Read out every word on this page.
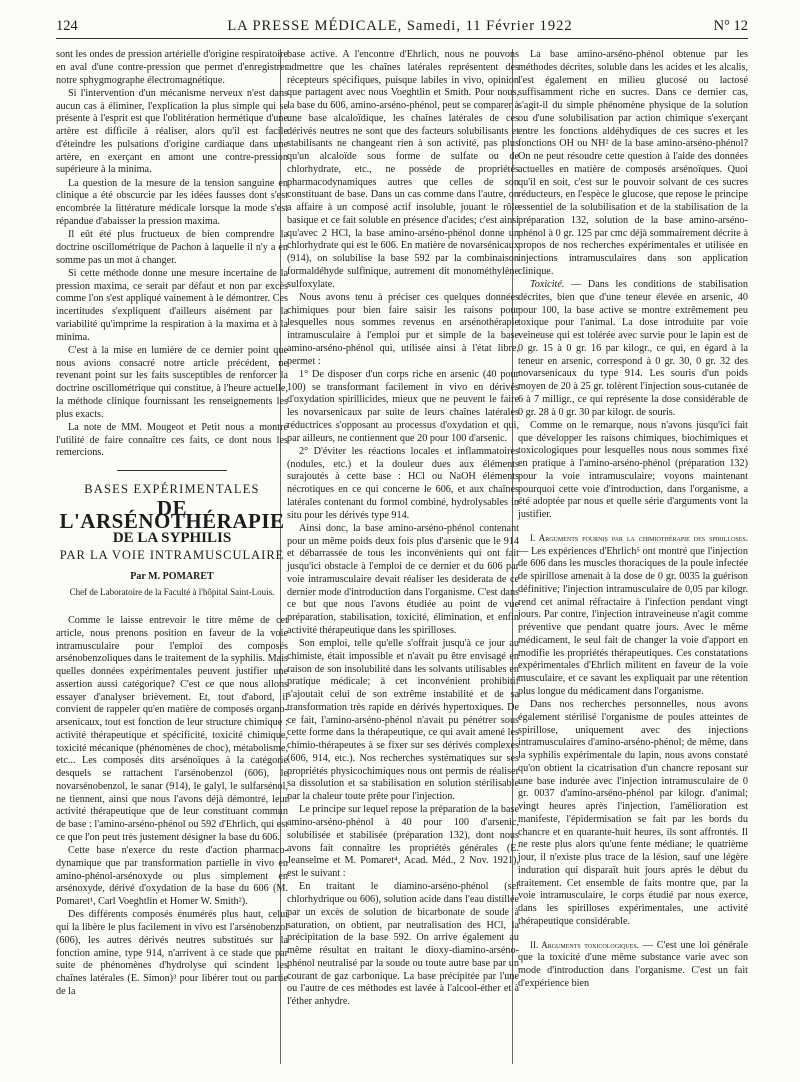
124	LA PRESSE MÉDICALE, Samedi, 11 Février 1922	N° 12

sont les ondes de pression artérielle d'origine respiratoire en aval d'une contre-pression que permet d'enregistrer notre sphygmographe électromagnétique.

Si l'intervention d'un mécanisme nerveux n'est dans aucun cas à éliminer, l'explication la plus simple qui se présente à l'esprit est que l'oblitération hermétique d'une artère est difficile à réaliser, alors qu'il est facile d'éteindre les pulsations d'origine cardiaque dans une artère, en exerçant en amont une contre-pression supérieure à la minima.

La question de la mesure de la tension sanguine en clinique a été obscurcie par les idées fausses dont s'est encombrée la littérature médicale lorsque la mode s'est répandue d'abaisser la pression maxima.

Il eût été plus fructueux de bien comprendre la doctrine oscillométrique de Pachon à laquelle il n'y a en somme pas un mot à changer.

Si cette méthode donne une mesure incertaine de la pression maxima, ce serait par défaut et non par excès comme l'on s'est appliqué vainement à le démontrer. Ces incertitudes s'expliquent d'ailleurs aisément par la variabilité qu'imprime la respiration à la maxima et à la minima.

C'est à la mise en lumière de ce dernier point que nous avions consacré notre article précédent, ne revenant point sur les faits susceptibles de renforcer la doctrine oscillométrique qui constitue, à l'heure actuelle, la méthode clinique fournissant les renseignements les plus exacts.

La note de MM. Mougeot et Petit nous a montré l'utilité de faire connaître ces faits, ce dont nous les remercions.

BASES EXPÉRIMENTALES
DE L'ARSÉNOTHÉRAPIE
DE LA SYPHILIS
PAR LA VOIE INTRAMUSCULAIRE
Par M. POMARET
Chef de Laboratoire de la Faculté à l'hôpital Saint-Louis.

Comme le laisse entrevoir le titre même de cet article, nous prenons position en faveur de la voie intramusculaire pour l'emploi des composés arsénobenzoliques dans le traitement de la syphilis. Mais quelles données expérimentales peuvent justifier une assertion aussi catégorique? C'est ce que nous allons essayer d'analyser brièvement. Et, tout d'abord, il convient de rappeler qu'en matière de composés organo-arsenicaux, tout est fonction de leur structure chimique : activité thérapeutique et spécificité, toxicité chimique, toxicité mécanique (phénomènes de choc), métabolisme, etc... Les composés dits arsénoïques à la catégorie desquels se rattachent l'arsénobenzol (606), le novarsénobenzol, le sanar (914), le galyl, le sulfarsénol, ne tiennent, ainsi que nous l'avons déjà démontré, leur activité thérapeutique que de leur constituant commun de base : l'amino-arséno-phénol ou 592 d'Ehrlich, qui est ce que l'on peut très justement désigner la base du 606.

Cette base n'exerce du reste d'action pharmaco-dynamique que par transformation partielle in vivo en amino-phénol-arsénoxyde ou plus simplement en arsénoxyde, dérivé d'oxydation de la base du 606 (M. Pomaret¹, Carl Voeghtlin et Homer W. Smith²).

Des différents composés énumérés plus haut, celui qui la libère le plus facilement in vivo est l'arsénobenzol (606), les autres dérivés neutres substitués sur la fonction amine, type 914, n'arrivent à ce stade que par suite de phénomènes d'hydrolyse qui scindent les chaînes latérales (E. Simon)³ pour libérer tout ou partie de la

base active. A l'encontre d'Ehrlich, nous ne pouvons admettre que les chaînes latérales représentent des récepteurs spécifiques, puisque labiles in vivo, opinion que partagent avec nous Voeghtlin et Smith. Pour nous, la base du 606, amino-arséno-phénol, peut se comparer à une base alcaloïdique, les chaînes latérales de ces dérivés neutres ne sont que des facteurs solubilisants et stabilisants ne changeant rien à son activité, pas plus qu'un alcaloïde sous forme de sulfate ou de chlorhydrate, etc., ne possède de propriétés pharmacodynamiques autres que celles de son constituant de base. Dans un cas comme dans l'autre, on a affaire à un composé actif insoluble, jouant le rôle basique et ce fait soluble en présence d'acides; c'est ainsi qu'avec 2 HCl, la base amino-arséno-phénol donne un chlorhydrate qui est le 606. En matière de novarsénicaux (914), on solubilise la base 592 par la combinaison formaldéhyde sulfinique, autrement dit monométhylène sulfoxylate.

Nous avons tenu à préciser ces quelques données chimiques pour bien faire saisir les raisons pour lesquelles nous sommes revenus en arsénothérapie intramusculaire à l'emploi pur et simple de la base amino-arséno-phénol qui, utilisée ainsi à l'état libre, permet :

1° De disposer d'un corps riche en arsenic (40 pour 100) se transformant facilement in vivo en dérivés d'oxydation spirillicides, mieux que ne peuvent le faire les novarsenicaux par suite de leurs chaînes latérales réductrices s'opposant au processus d'oxydation et qui, par ailleurs, ne contiennent que 20 pour 100 d'arsenic.

2° D'éviter les réactions locales et inflammatoires (nodules, etc.) et la douleur dues aux éléments surajoutés à cette base : HCl ou NaOH éléments nécrotiques en ce qui concerne le 606, et aux chaînes latérales contenant du formol combiné, hydrolysables in situ pour les dérivés type 914.

Ainsi donc, la base amino-arséno-phénol contenant pour un même poids deux fois plus d'arsenic que le 914 et débarrassée de tous les inconvénients qui ont fait jusqu'ici obstacle à l'emploi de ce dernier et du 606 par voie intramusculaire devait réaliser les desiderata de ce dernier mode d'introduction dans l'organisme. C'est dans ce but que nous l'avons étudiée au point de vue préparation, stabilisation, toxicité, élimination, et enfin activité thérapeutique dans les spirilloses.

Son emploi, telle qu'elle s'offrait jusqu'à ce jour au chimiste, était impossible et n'avait pu être envisagé en raison de son insolubilité dans les solvants utilisables en pratique médicale; à cet inconvénient prohibitif s'ajoutait celui de son extrême instabilité et de sa transformation très rapide en dérivés hypertoxiques. De ce fait, l'amino-arséno-phénol n'avait pu pénétrer sous cette forme dans la thérapeutique, ce qui avait amené les chimio-thérapeutes à se fixer sur ses dérivés complexes (606, 914, etc.). Nos recherches systématiques sur ses propriétés physicochimiques nous ont permis de réaliser sa dissolution et sa stabilisation en solution stérilisable par la chaleur toute prête pour l'injection.

Le principe sur lequel repose la préparation de la base amino-arséno-phénol à 40 pour 100 d'arsenic, solubilisée et stabilisée (préparation 132), dont nous avons fait connaître les propriétés générales (E. Jeanselme et M. Pomaret⁴, Acad. Méd., 2 Nov. 1921), est le suivant :

En traitant le diamino-arséno-phénol (sel chlorhydrique ou 606), solution acide dans l'eau distillée par un excès de solution de bicarbonate de soude à saturation, on obtient, par neutralisation des HCl, la précipitation de la base 592. On arrive également au même résultat en traitant le dioxy-diamino-arséno-phénol neutralisé par la soude ou toute autre base par un courant de gaz carbonique. La base précipitée par l'une ou l'autre de ces méthodes est lavée à l'alcool-éther et à l'éther anhydre.

La base amino-arséno-phénol obtenue par les méthodes décrites, soluble dans les acides et les alcalis, l'est également en milieu glucosé ou lactosé suffisamment riche en sucres. Dans ce dernier cas, s'agit-il du simple phénomène physique de la solution ou d'une solubilisation par action chimique s'exerçant entre les fonctions aldéhydiques de ces sucres et les fonctions OH ou NH² de la base amino-arséno-phénol? On ne peut résoudre cette question à l'aide des données actuelles en matière de composés arsénoïques. Quoi qu'il en soit, c'est sur le pouvoir solvant de ces sucres réducteurs, en l'espèce le glucose, que repose le principe essentiel de la solubilisation et de la stabilisation de la préparation 132, solution de la base amino-arséno-phénol à 0 gr. 125 par cmc déjà sommairement décrite à propos de nos recherches expérimentales et utilisée en injections intramusculaires dans son application clinique.

Toxicité. — Dans les conditions de stabilisation décrites, bien que d'une teneur élevée en arsenic, 40 pour 100, la base active se montre extrêmement peu toxique pour l'animal. La dose introduite par voie veineuse qui est tolérée avec survie pour le lapin est de 0 gr. 15 à 0 gr. 16 par kilogr., ce qui, en égard à la teneur en arsenic, correspond à 0 gr. 30, 0 gr. 32 des novarsenicaux du type 914. Les souris d'un poids moyen de 20 à 25 gr. tolèrent l'injection sous-cutanée de 6 à 7 milligr., ce qui représente la dose considérable de 0 gr. 28 à 0 gr. 30 par kilogr. de souris.

Comme on le remarque, nous n'avons jusqu'ici fait que développer les raisons chimiques, biochimiques et toxicologiques pour lesquelles nous nous sommes fixé en pratique à l'amino-arséno-phénol (préparation 132) pour la voie intramusculaire; voyons maintenant pourquoi cette voie d'introduction, dans l'organisme, a été adoptée par nous et quelle série d'arguments vont la justifier.

I. Arguments fournis par la chimiothérapie des spirilloses. — Les expériences d'Ehrlich⁵ ont montré que l'injection de 606 dans les muscles thoraciques de la poule infectée de spirillose amenait à la dose de 0 gr. 0035 la guérison définitive; l'injection intramusculaire de 0,05 par kilogr. rend cet animal réfractaire à l'infection pendant vingt jours. Par contre, l'injection intraveineuse n'agit comme préventive que pendant quatre jours. Avec le même médicament, le seul fait de changer la voie d'apport en modifie les propriétés thérapeutiques. Ces constatations expérimentales d'Ehrlich militent en faveur de la voie musculaire, et ce savant les expliquait par une rétention plus longue du médicament dans l'organisme.

Dans nos recherches personnelles, nous avons également stérilisé l'organisme de poules atteintes de spirillose, uniquement avec des injections intramusculaires d'amino-arséno-phénol; de même, dans la syphilis expérimentale du lapin, nous avons constaté qu'on obtient la cicatrisation d'un chancre reposant sur une base indurée avec l'injection intramusculaire de 0 gr. 0037 d'amino-arséno-phénol par kilogr. d'animal; vingt heures après l'injection, l'amélioration est manifeste, l'épidermisation se fait par les bords du chancre et en quarante-huit heures, ils sont affrontés. Il ne reste plus alors qu'une fente médiane; le quatrième jour, il n'existe plus trace de la lésion, sauf une légère induration qui disparaît huit jours après le début du traitement. Cet ensemble de faits montre que, par la voie intramusculaire, le corps étudié par nous exerce, dans les spirilloses expérimentales, une activité thérapeutique considérable.

II. Arguments toxicologiques. — C'est une loi générale que la toxicité d'une même substance varie avec son mode d'introduction dans l'organisme. C'est un fait d'expérience bien
